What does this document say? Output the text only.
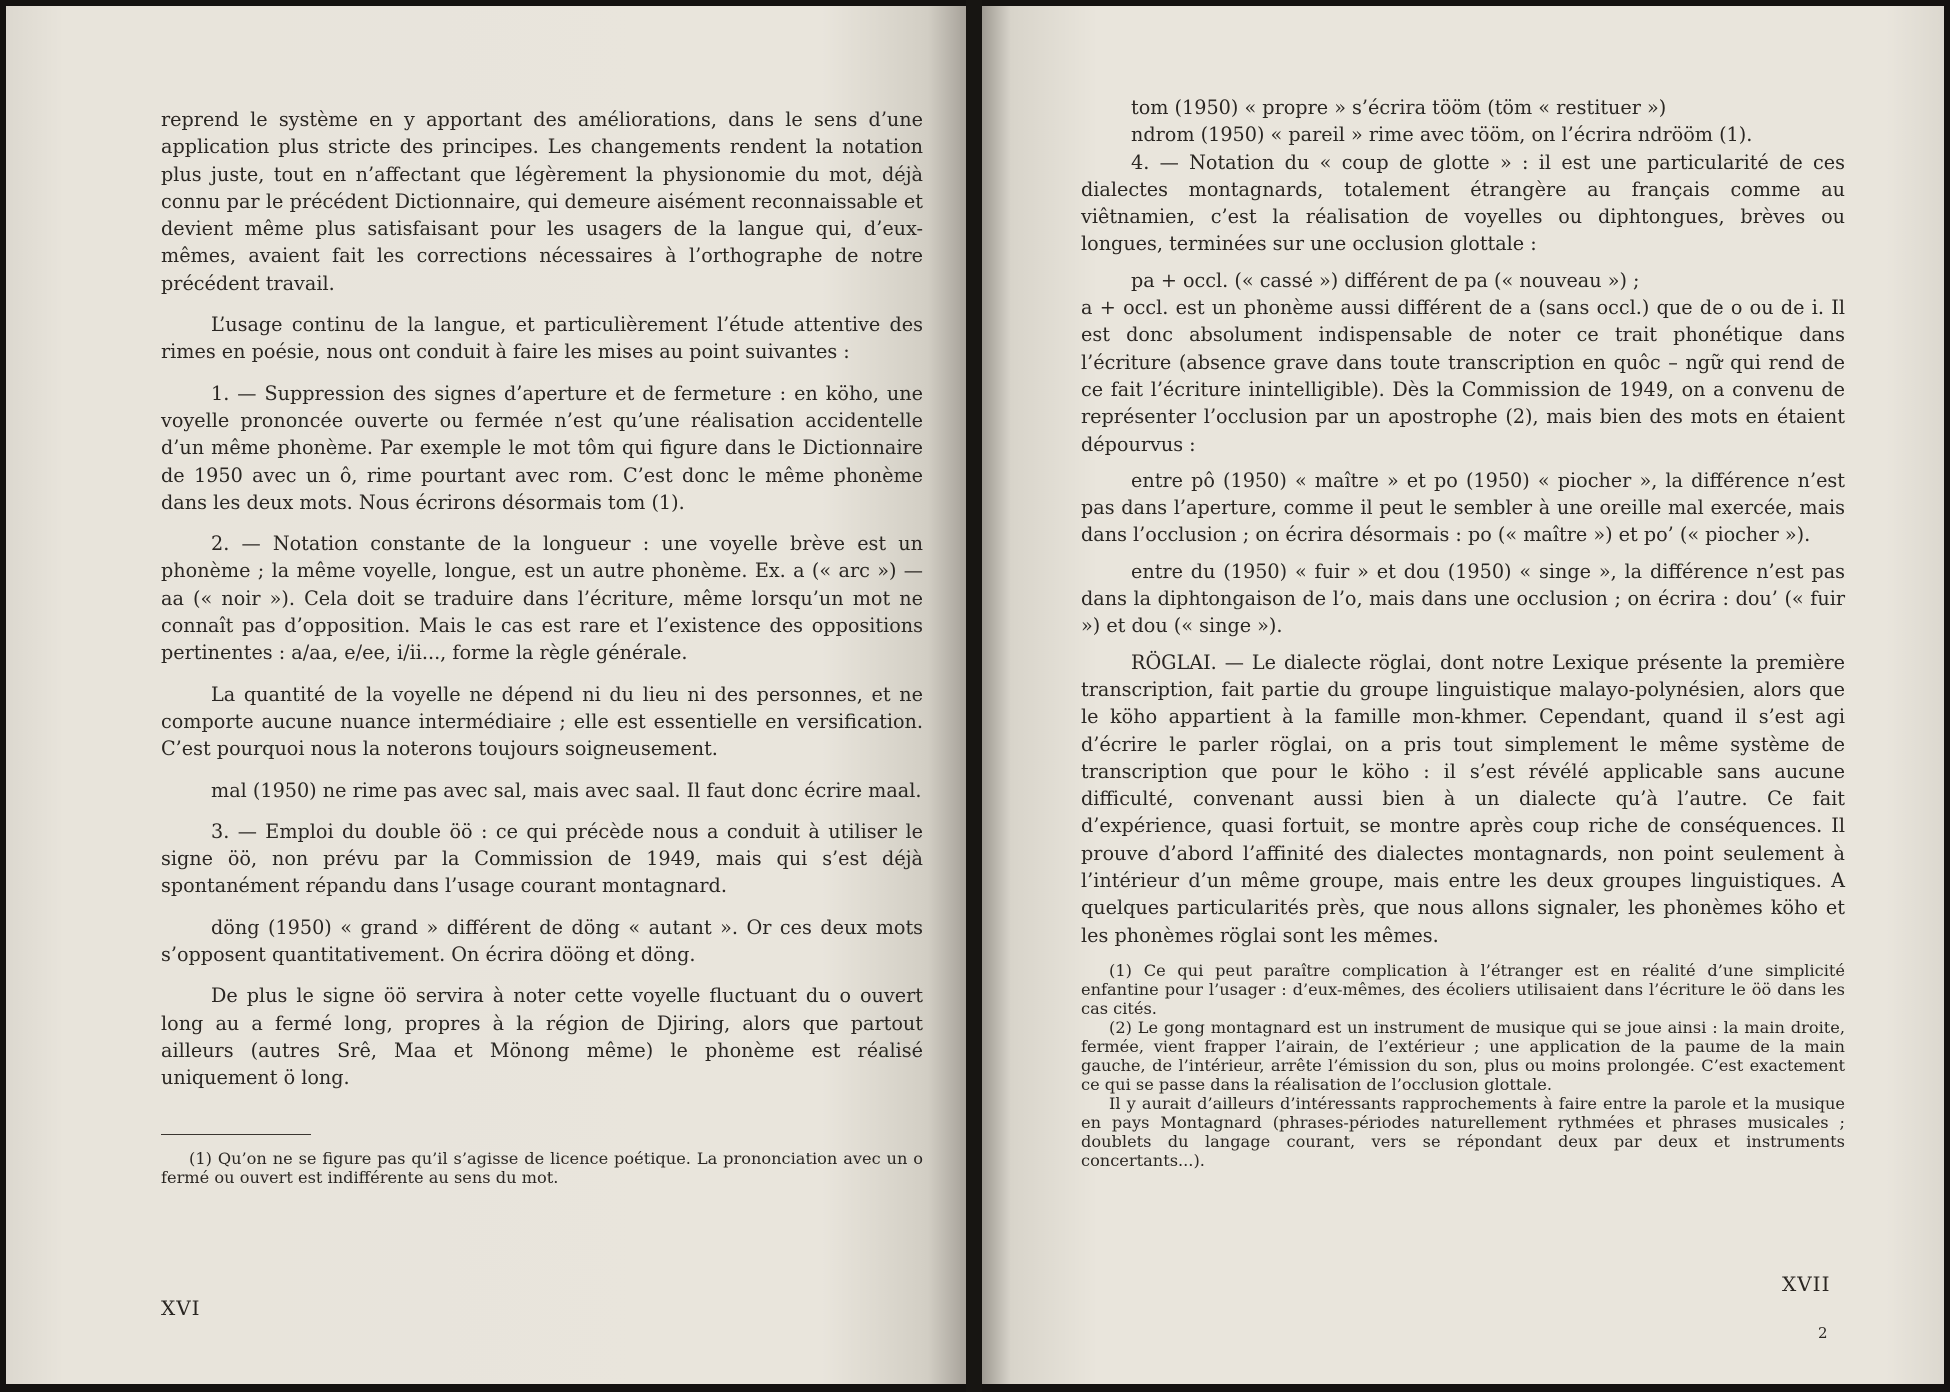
reprend le système en y apportant des améliorations, dans le sens d’une application plus stricte des principes. Les changements rendent la notation plus juste, tout en n’affectant que légèrement la physionomie du mot, déjà connu par le précédent Dictionnaire, qui demeure aisément reconnaissable et devient même plus satisfaisant pour les usagers de la langue qui, d’eux-mêmes, avaient fait les corrections nécessaires à l’orthographe de notre précédent travail.

L’usage continu de la langue, et particulièrement l’étude attentive des rimes en poésie, nous ont conduit à faire les mises au point suivantes :

1. — Suppression des signes d’aperture et de fermeture : en köho, une voyelle prononcée ouverte ou fermée n’est qu’une réalisation accidentelle d’un même phonème. Par exemple le mot tôm qui figure dans le Dictionnaire de 1950 avec un ô, rime pourtant avec rom. C’est donc le même phonème dans les deux mots. Nous écrirons désormais tom (1).

2. — Notation constante de la longueur : une voyelle brève est un phonème ; la même voyelle, longue, est un autre phonème. Ex. a (« arc ») — aa (« noir »). Cela doit se traduire dans l’écriture, même lorsqu’un mot ne connaît pas d’opposition. Mais le cas est rare et l’existence des oppositions pertinentes : a/aa, e/ee, i/ii..., forme la règle générale.

La quantité de la voyelle ne dépend ni du lieu ni des personnes, et ne comporte aucune nuance intermédiaire ; elle est essentielle en versification. C’est pourquoi nous la noterons toujours soigneusement.

mal (1950) ne rime pas avec sal, mais avec saal. Il faut donc écrire maal.

3. — Emploi du double öö : ce qui précède nous a conduit à utiliser le signe öö, non prévu par la Commission de 1949, mais qui s’est déjà spontanément répandu dans l’usage courant montagnard.

döng (1950) « grand » différent de döng « autant ». Or ces deux mots s’opposent quantitativement. On écrira dööng et döng.

De plus le signe öö servira à noter cette voyelle fluctuant du o ouvert long au a fermé long, propres à la région de Djiring, alors que partout ailleurs (autres Srê, Maa et Mönong même) le phonème est réalisé uniquement ö long.

(1) Qu’on ne se figure pas qu’il s’agisse de licence poétique. La prononciation avec un o fermé ou ouvert est indifférente au sens du mot.

XVI

tom (1950) « propre » s’écrira tööm (töm « restituer »)

ndrom (1950) « pareil » rime avec tööm, on l’écrira ndrööm (1).

4. — Notation du « coup de glotte » : il est une particularité de ces dialectes montagnards, totalement étrangère au français comme au viêtnamien, c’est la réalisation de voyelles ou diphtongues, brèves ou longues, terminées sur une occlusion glottale :

pa + occl. (« cassé ») différent de pa (« nouveau ») ;

a + occl. est un phonème aussi différent de a (sans occl.) que de o ou de i. Il est donc absolument indispensable de noter ce trait phonétique dans l’écriture (absence grave dans toute transcription en quôc – ngữ qui rend de ce fait l’écriture inintelligible). Dès la Commission de 1949, on a convenu de représenter l’occlusion par un apostrophe (2), mais bien des mots en étaient dépourvus :

entre pô (1950) « maître » et po (1950) « piocher », la différence n’est pas dans l’aperture, comme il peut le sembler à une oreille mal exercée, mais dans l’occlusion ; on écrira désormais : po (« maître ») et po’ (« piocher »).

entre du (1950) « fuir » et dou (1950) « singe », la différence n’est pas dans la diphtongaison de l’o, mais dans une occlusion ; on écrira : dou’ (« fuir ») et dou (« singe »).

RÖGLAI. — Le dialecte röglai, dont notre Lexique présente la première transcription, fait partie du groupe linguistique malayo-polynésien, alors que le köho appartient à la famille mon-khmer. Cependant, quand il s’est agi d’écrire le parler röglai, on a pris tout simplement le même système de transcription que pour le köho : il s’est révélé applicable sans aucune difficulté, convenant aussi bien à un dialecte qu’à l’autre. Ce fait d’expérience, quasi fortuit, se montre après coup riche de conséquences. Il prouve d’abord l’affinité des dialectes montagnards, non point seulement à l’intérieur d’un même groupe, mais entre les deux groupes linguistiques. A quelques particularités près, que nous allons signaler, les phonèmes köho et les phonèmes röglai sont les mêmes.

(1) Ce qui peut paraître complication à l’étranger est en réalité d’une simplicité enfantine pour l’usager : d’eux-mêmes, des écoliers utilisaient dans l’écriture le öö dans les cas cités.

(2) Le gong montagnard est un instrument de musique qui se joue ainsi : la main droite, fermée, vient frapper l’airain, de l’extérieur ; une application de la paume de la main gauche, de l’intérieur, arrête l’émission du son, plus ou moins prolongée. C’est exactement ce qui se passe dans la réalisation de l’occlusion glottale.

Il y aurait d’ailleurs d’intéressants rapprochements à faire entre la parole et la musique en pays Montagnard (phrases-périodes naturellement rythmées et phrases musicales ; doublets du langage courant, vers se répondant deux par deux et instruments concertants...).

XVII
2
